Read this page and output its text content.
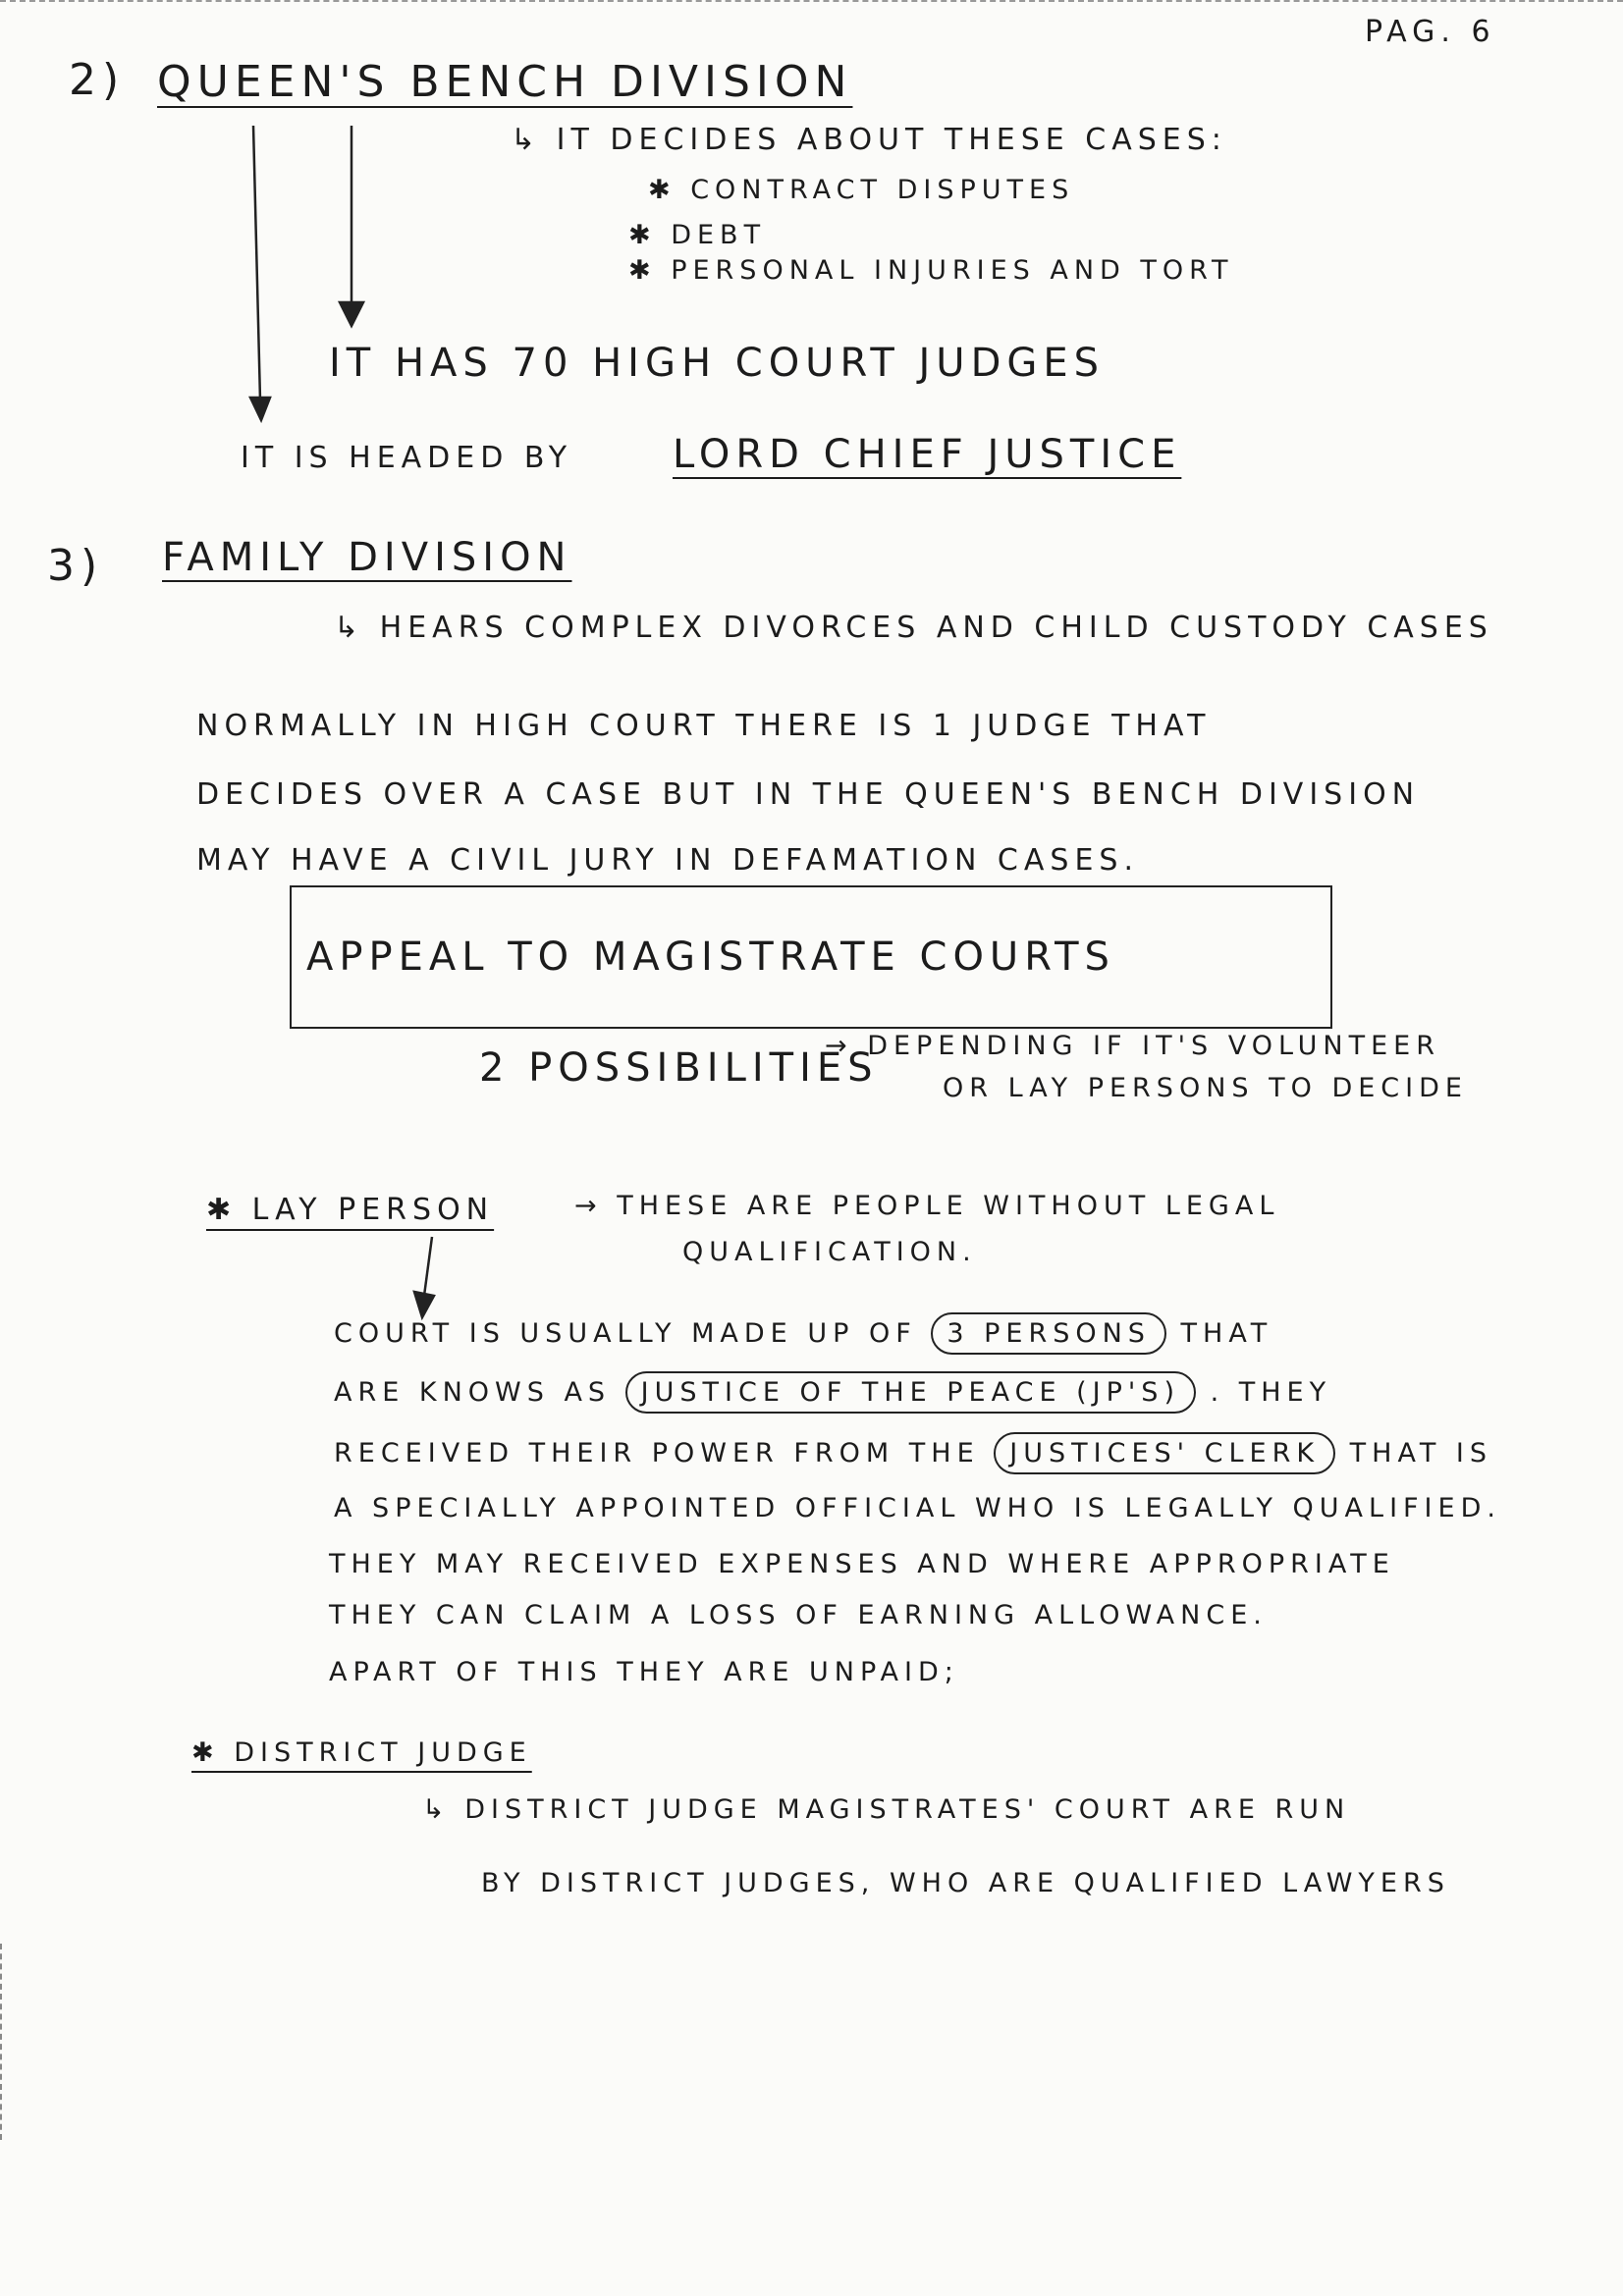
PAG. 6
2) QUEEN'S BENCH DIVISION
↳ IT DECIDES ABOUT THESE CASES:
✱ CONTRACT DISPUTES
✱ DEBT
✱ PERSONAL INJURIES AND TORT
IT HAS 70 HIGH COURT JUDGES
IT IS HEADED BY	LORD CHIEF JUSTICE
3) FAMILY DIVISION
↳ HEARS COMPLEX DIVORCES AND CHILD CUSTODY CASES
NORMALLY IN HIGH COURT THERE IS 1 JUDGE THAT
DECIDES OVER A CASE BUT IN THE QUEEN'S BENCH DIVISION
MAY HAVE A CIVIL JURY IN DEFAMATION CASES.
APPEAL TO MAGISTRATE COURTS
2 POSSIBILITIES
→ DEPENDING IF IT'S VOLUNTEER
OR LAY PERSONS TO DECIDE
✱ LAY PERSON	→ THESE ARE PEOPLE WITHOUT LEGAL
QUALIFICATION.
COURT IS USUALLY MADE UP OF 3 PERSONS THAT
ARE KNOWS AS JUSTICE OF THE PEACE (JP'S) . THEY
RECEIVED THEIR POWER FROM THE JUSTICES' CLERK THAT IS
A SPECIALLY APPOINTED OFFICIAL WHO IS LEGALLY QUALIFIED.
THEY MAY RECEIVED EXPENSES AND WHERE APPROPRIATE
THEY CAN CLAIM A LOSS OF EARNING ALLOWANCE.
APART OF THIS THEY ARE UNPAID;
✱ DISTRICT JUDGE
↳ DISTRICT JUDGE MAGISTRATES' COURT ARE RUN
BY DISTRICT JUDGES, WHO ARE QUALIFIED LAWYERS
